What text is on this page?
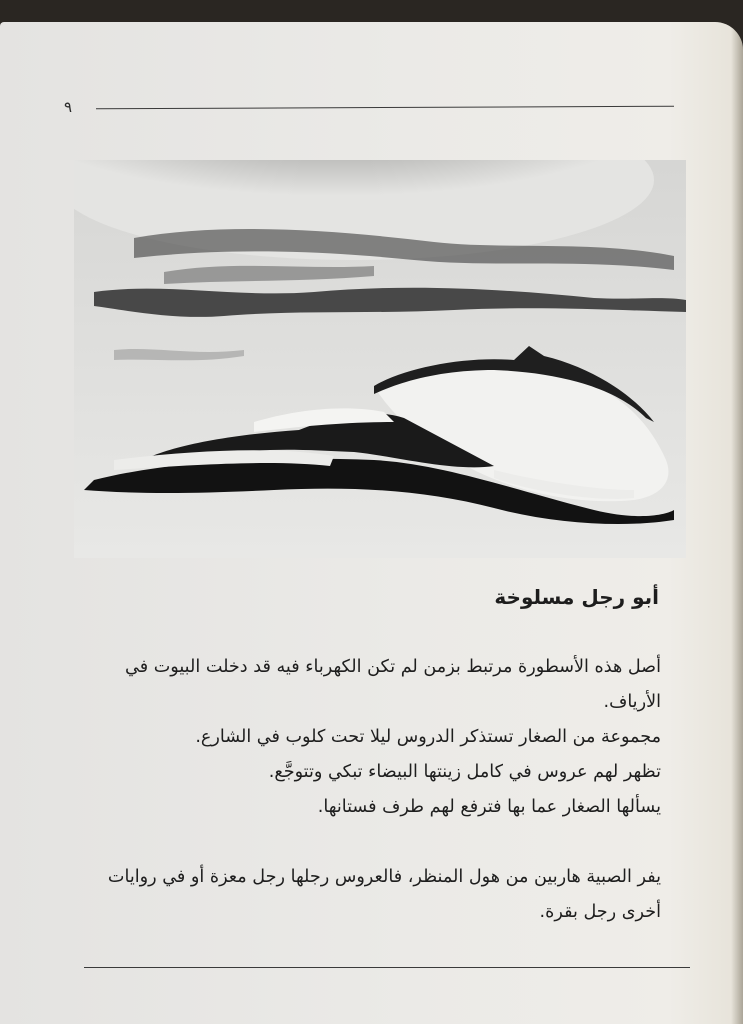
٩
أبو رجل مسلوخة

أصل هذه الأسطورة مرتبط بزمن لم تكن الكهرباء فيه قد دخلت البيوت في الأرياف.

مجموعة من الصغار تستذكر الدروس ليلا تحت كلوب في الشارع.

تظهر لهم عروس في كامل زينتها البيضاء تبكي وتتوجَّع.

يسألها الصغار عما بها فترفع لهم طرف فستانها.

يفر الصبية هاربين من هول المنظر، فالعروس رجلها رجل معزة أو في روايات أخرى رجل بقرة.
